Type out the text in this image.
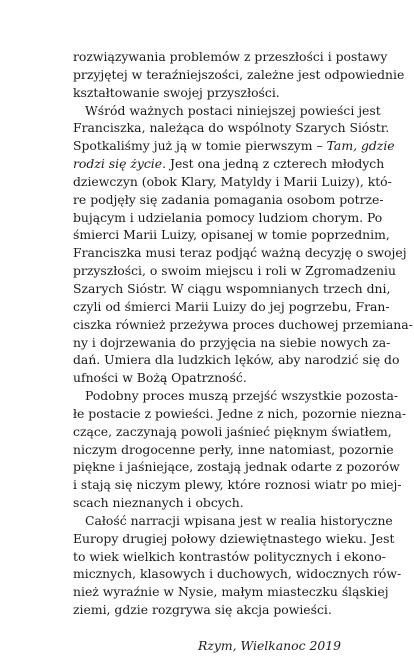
rozwiązywania problemów z przeszłości i postawy
przyjętej w teraźniejszości, zależne jest odpowiednie
kształtowanie swojej przyszłości.
Wśród ważnych postaci niniejszej powieści jest
Franciszka, należąca do wspólnoty Szarych Sióstr.
Spotkaliśmy już ją w tomie pierwszym – Tam, gdzie
rodzi się życie. Jest ona jedną z czterech młodych
dziewczyn (obok Klary, Matyldy i Marii Luizy), któ-
re podjęły się zadania pomagania osobom potrze-
bującym i udzielania pomocy ludziom chorym. Po
śmierci Marii Luizy, opisanej w tomie poprzednim,
Franciszka musi teraz podjąć ważną decyzję o swojej
przyszłości, o swoim miejscu i roli w Zgromadzeniu
Szarych Sióstr. W ciągu wspomnianych trzech dni,
czyli od śmierci Marii Luizy do jej pogrzebu, Fran-
ciszka również przeżywa proces duchowej przemiana-
ny i dojrzewania do przyjęcia na siebie nowych za-
dań. Umiera dla ludzkich lęków, aby narodzić się do
ufności w Bożą Opatrzność.
Podobny proces muszą przejść wszystkie pozosta-
łe postacie z powieści. Jedne z nich, pozornie niezna-
czące, zaczynają powoli jaśnieć pięknym światłem,
niczym drogocenne perły, inne natomiast, pozornie
piękne i jaśniejące, zostają jednak odarte z pozorów
i stają się niczym plewy, które roznosi wiatr po miej-
scach nieznanych i obcych.
Całość narracji wpisana jest w realia historyczne
Europy drugiej połowy dziewiętnastego wieku. Jest
to wiek wielkich kontrastów politycznych i ekono-
micznych, klasowych i duchowych, widocznych rów-
nież wyraźnie w Nysie, małym miasteczku śląskiej
ziemi, gdzie rozgrywa się akcja powieści.
Rzym, Wielkanoc 2019
